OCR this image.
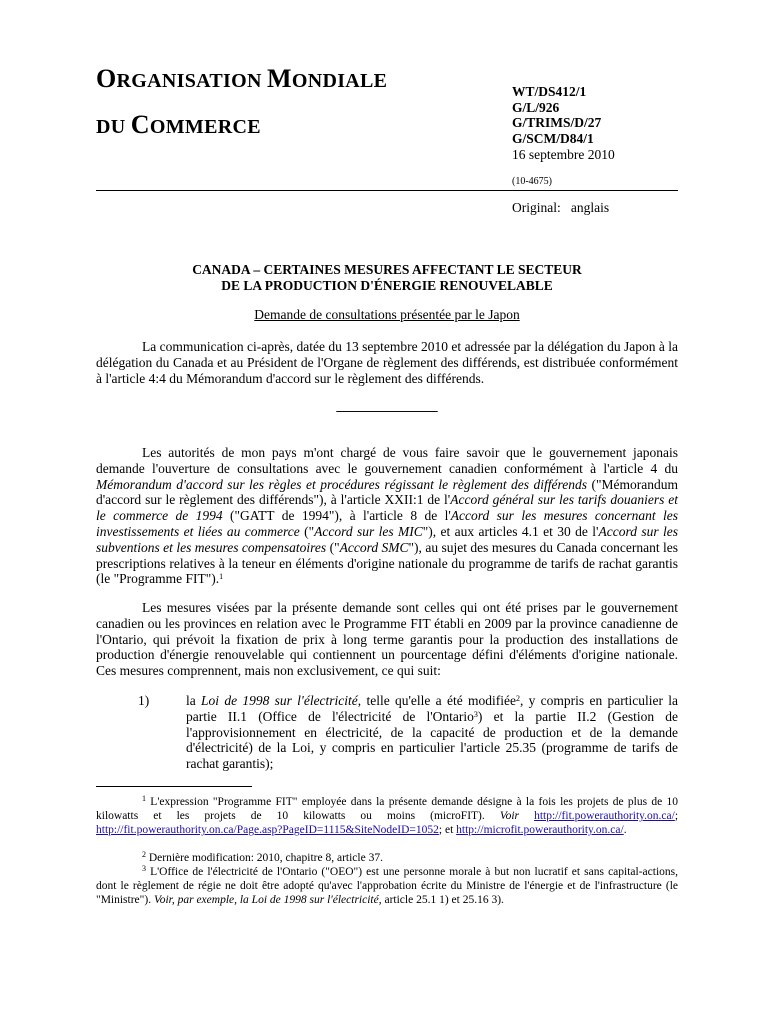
ORGANISATION MONDIALE
DU COMMERCE
WT/DS412/1
G/L/926
G/TRIMS/D/27
G/SCM/D84/1
16 septembre 2010
(10-4675)
Original: anglais
CANADA – CERTAINES MESURES AFFECTANT LE SECTEUR
DE LA PRODUCTION D'ÉNERGIE RENOUVELABLE
Demande de consultations présentée par le Japon
La communication ci-après, datée du 13 septembre 2010 et adressée par la délégation du Japon à la délégation du Canada et au Président de l'Organe de règlement des différends, est distribuée conformément à l'article 4:4 du Mémorandum d'accord sur le règlement des différends.
_______________
Les autorités de mon pays m'ont chargé de vous faire savoir que le gouvernement japonais demande l'ouverture de consultations avec le gouvernement canadien conformément à l'article 4 du Mémorandum d'accord sur les règles et procédures régissant le règlement des différends ("Mémorandum d'accord sur le règlement des différends"), à l'article XXII:1 de l'Accord général sur les tarifs douaniers et le commerce de 1994 ("GATT de 1994"), à l'article 8 de l'Accord sur les mesures concernant les investissements et liées au commerce ("Accord sur les MIC"), et aux articles 4.1 et 30 de l'Accord sur les subventions et les mesures compensatoires ("Accord SMC"), au sujet des mesures du Canada concernant les prescriptions relatives à la teneur en éléments d'origine nationale du programme de tarifs de rachat garantis (le "Programme FIT").$^1$
Les mesures visées par la présente demande sont celles qui ont été prises par le gouvernement canadien ou les provinces en relation avec le Programme FIT établi en 2009 par la province canadienne de l'Ontario, qui prévoit la fixation de prix à long terme garantis pour la production des installations de production d'énergie renouvelable qui contiennent un pourcentage défini d'éléments d'origine nationale. Ces mesures comprennent, mais non exclusivement, ce qui suit:
1)	la Loi de 1998 sur l'électricité, telle qu'elle a été modifiée$^2$, y compris en particulier la partie II.1 (Office de l'électricité de l'Ontario$^3$) et la partie II.2 (Gestion de l'approvisionnement en électricité, de la capacité de production et de la demande d'électricité) de la Loi, y compris en particulier l'article 25.35 (programme de tarifs de rachat garantis);
$^1$ L'expression "Programme FIT" employée dans la présente demande désigne à la fois les projets de plus de 10 kilowatts et les projets de 10 kilowatts ou moins (microFIT). Voir http://fit.powerauthority.on.ca/; http://fit.powerauthority.on.ca/Page.asp?PageID=1115&SiteNodeID=1052; et http://microfit.powerauthority.on.ca/.
$^2$ Dernière modification: 2010, chapitre 8, article 37.
$^3$ L'Office de l'électricité de l'Ontario ("OEO") est une personne morale à but non lucratif et sans capital-actions, dont le règlement de régie ne doit être adopté qu'avec l'approbation écrite du Ministre de l'énergie et de l'infrastructure (le "Ministre"). Voir, par exemple, la Loi de 1998 sur l'électricité, article 25.1 1) et 25.16 3).
